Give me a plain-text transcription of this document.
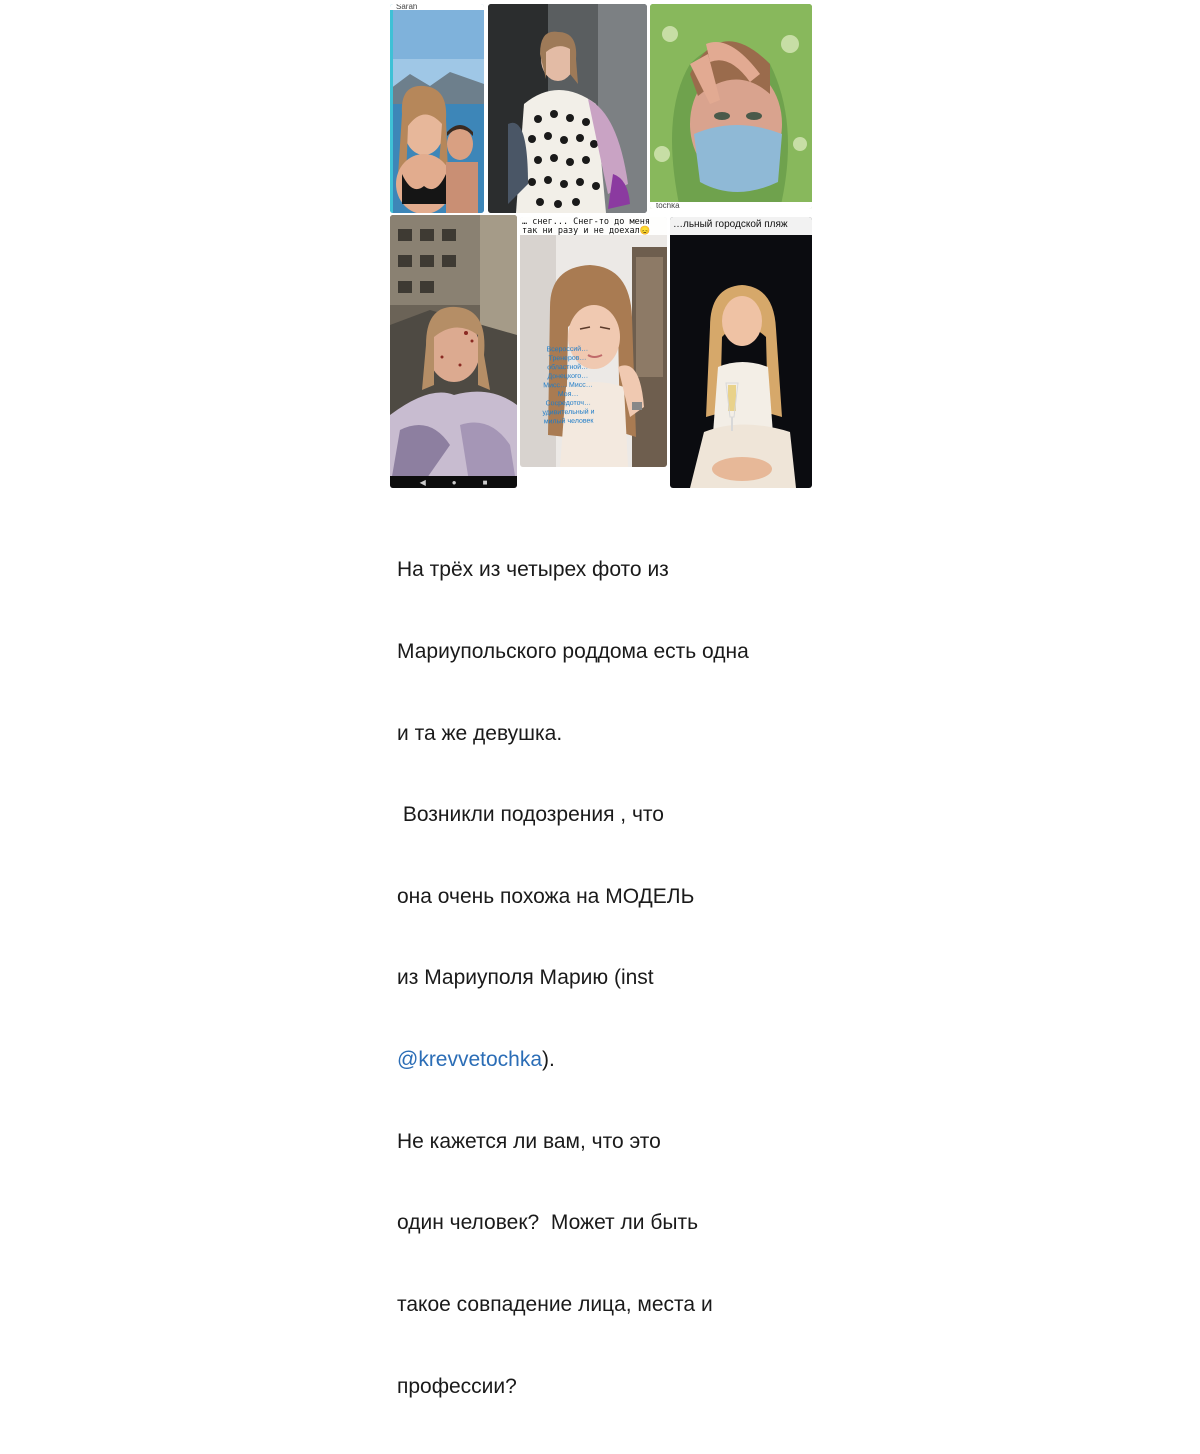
Sarah
tochka
◀	●	■
… снег... Снег-то до меня
так ни разу и не доехал😞
Всероссий… Тренеров… областной… Донецкого… Мисс… Мисс… Моя… Сосредоточ… удивительный и милый человек
…льный городской пляж

На трёх из четырех фото из

Мариупольского роддома есть одна

и та же девушка.

Возникли подозрения , что

она очень похожа на МОДЕЛЬ

из Мариуполя Марию (inst

@krevvetochka).

Не кажется ли вам, что это

один человек?  Может ли быть

такое совпадение лица, места и

профессии?
